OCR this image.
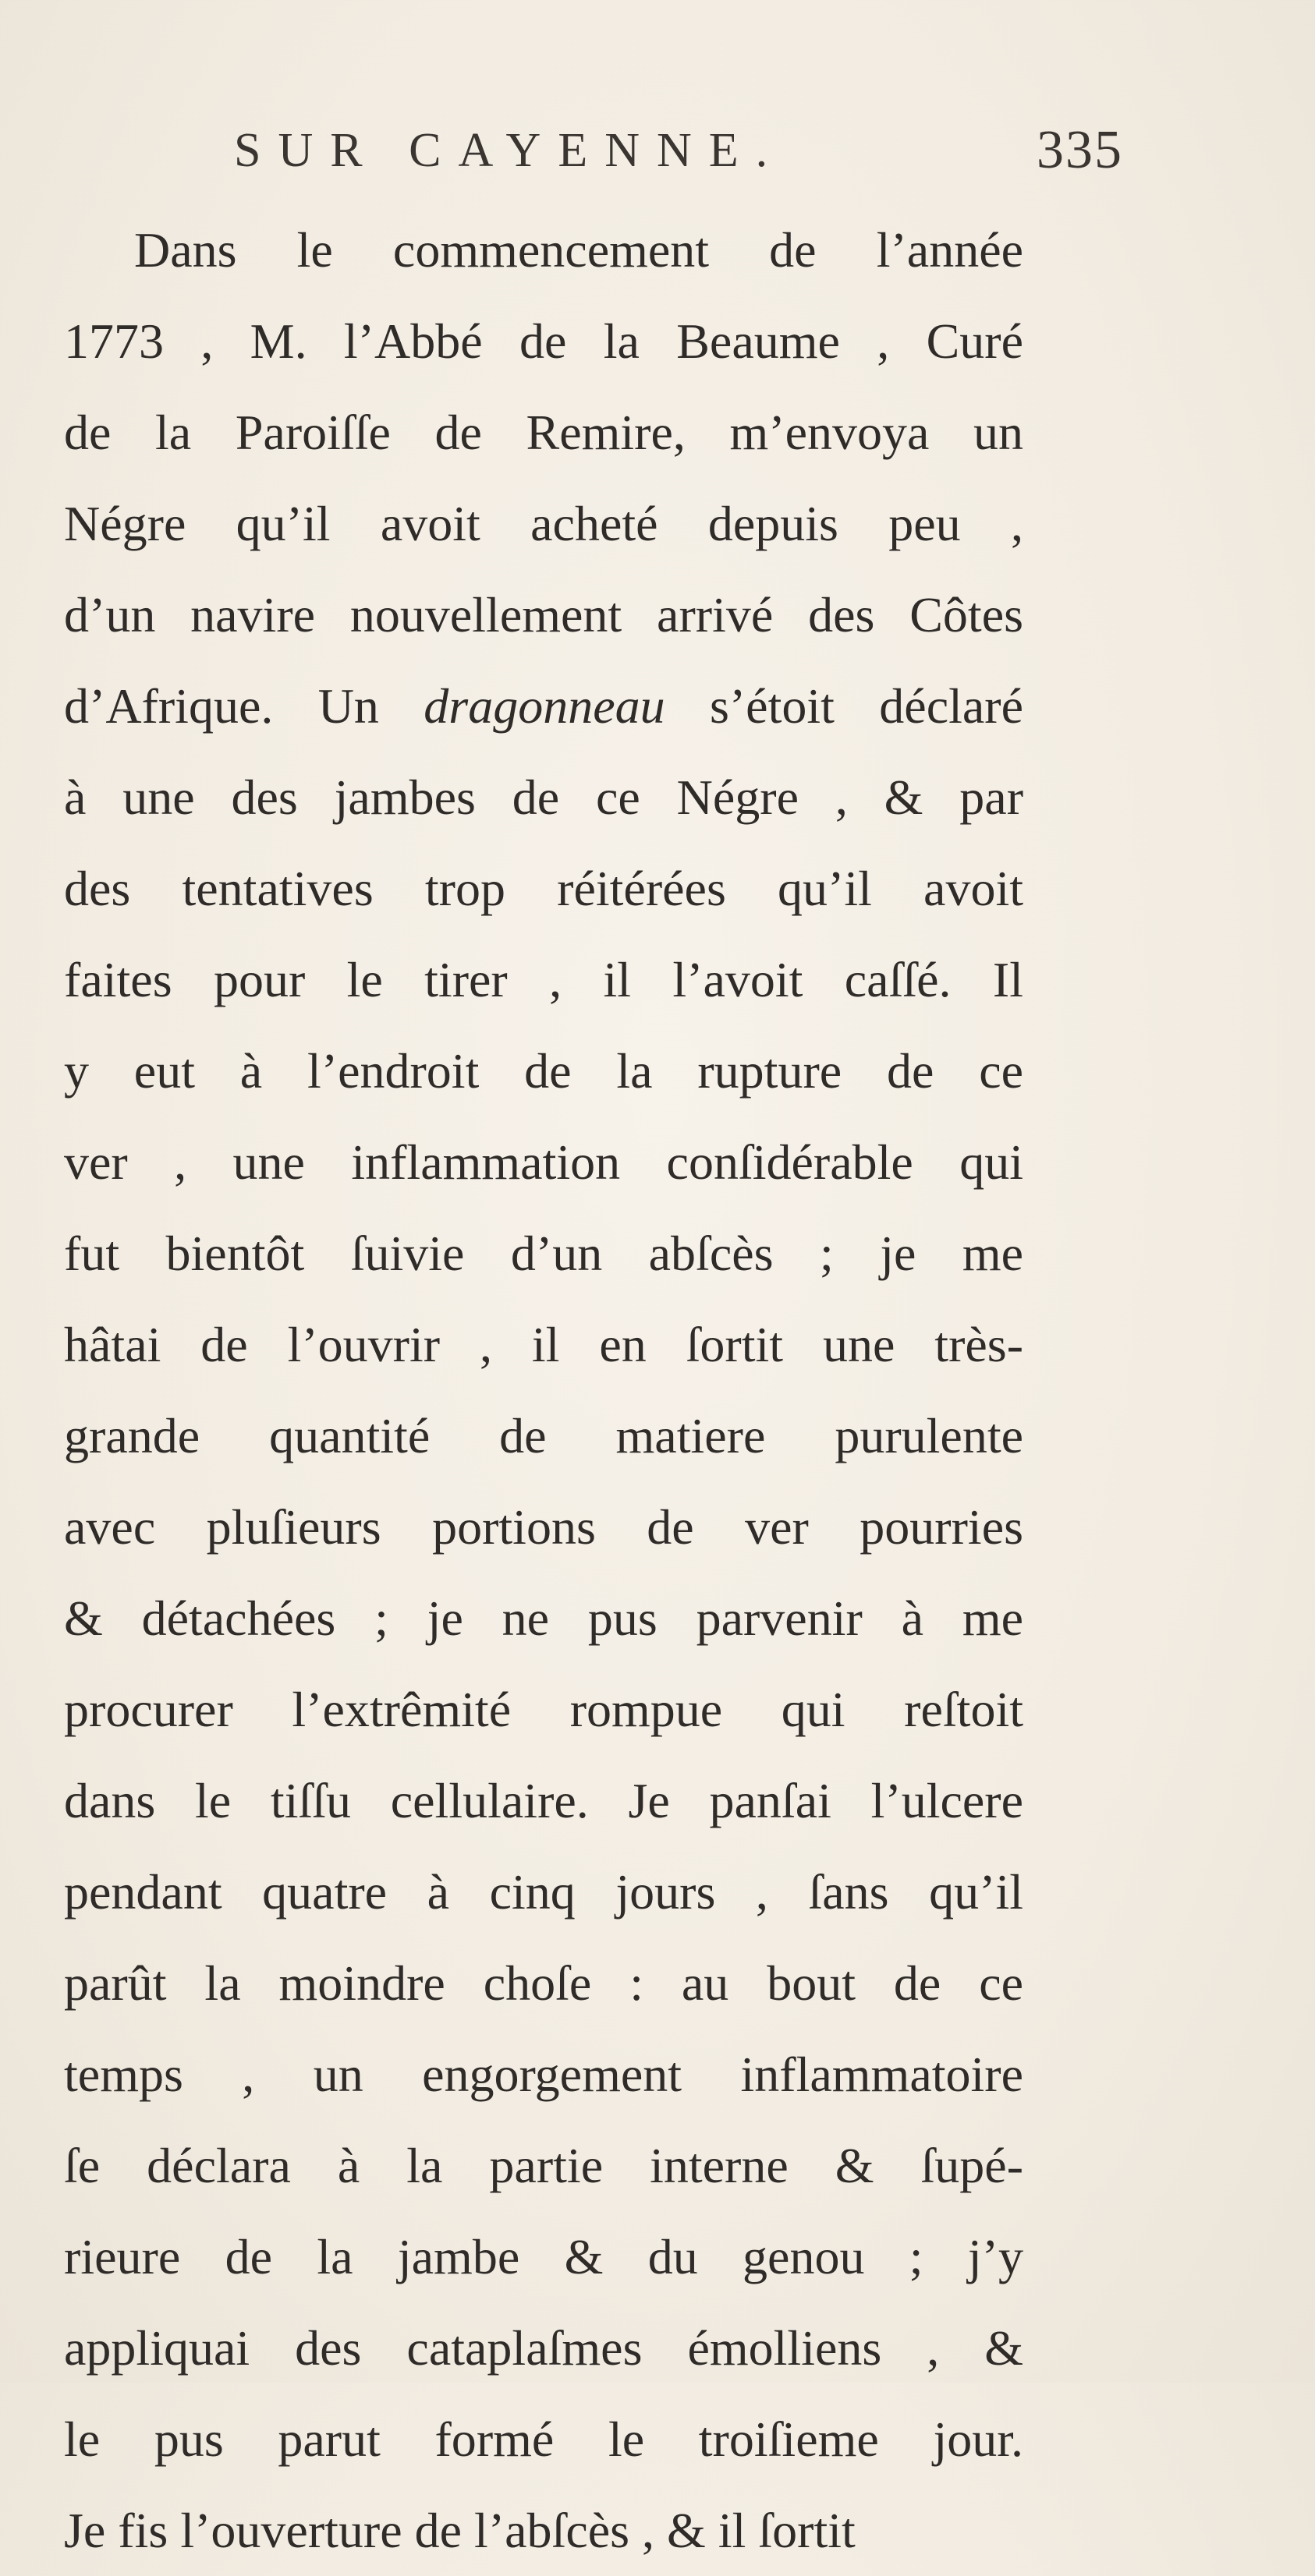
SUR CAYENNE.	335
Dans le commencement de l’année
1773 , M. l’Abbé de la Beaume , Curé
de la Paroiſſe de Remire, m’envoya un
Négre qu’il avoit acheté depuis peu ,
d’un navire nouvellement arrivé des Côtes
d’Afrique. Un dragonneau s’étoit déclaré
à une des jambes de ce Négre , & par
des tentatives trop réitérées qu’il avoit
faites pour le tirer , il l’avoit caſſé. Il
y eut à l’endroit de la rupture de ce
ver , une inflammation conſidérable qui
fut bientôt ſuivie d’un abſcès ; je me
hâtai de l’ouvrir , il en ſortit une très-
grande quantité de matiere purulente
avec pluſieurs portions de ver pourries
& détachées ; je ne pus parvenir à me
procurer l’extrêmité rompue qui reſtoit
dans le tiſſu cellulaire. Je panſai l’ulcere
pendant quatre à cinq jours , ſans qu’il
parût la moindre choſe : au bout de ce
temps , un engorgement inflammatoire
ſe déclara à la partie interne & ſupé-
rieure de la jambe & du genou ; j’y
appliquai des cataplaſmes émolliens , &
le pus parut formé le troiſieme jour.
Je fis l’ouverture de l’abſcès , & il ſortit
